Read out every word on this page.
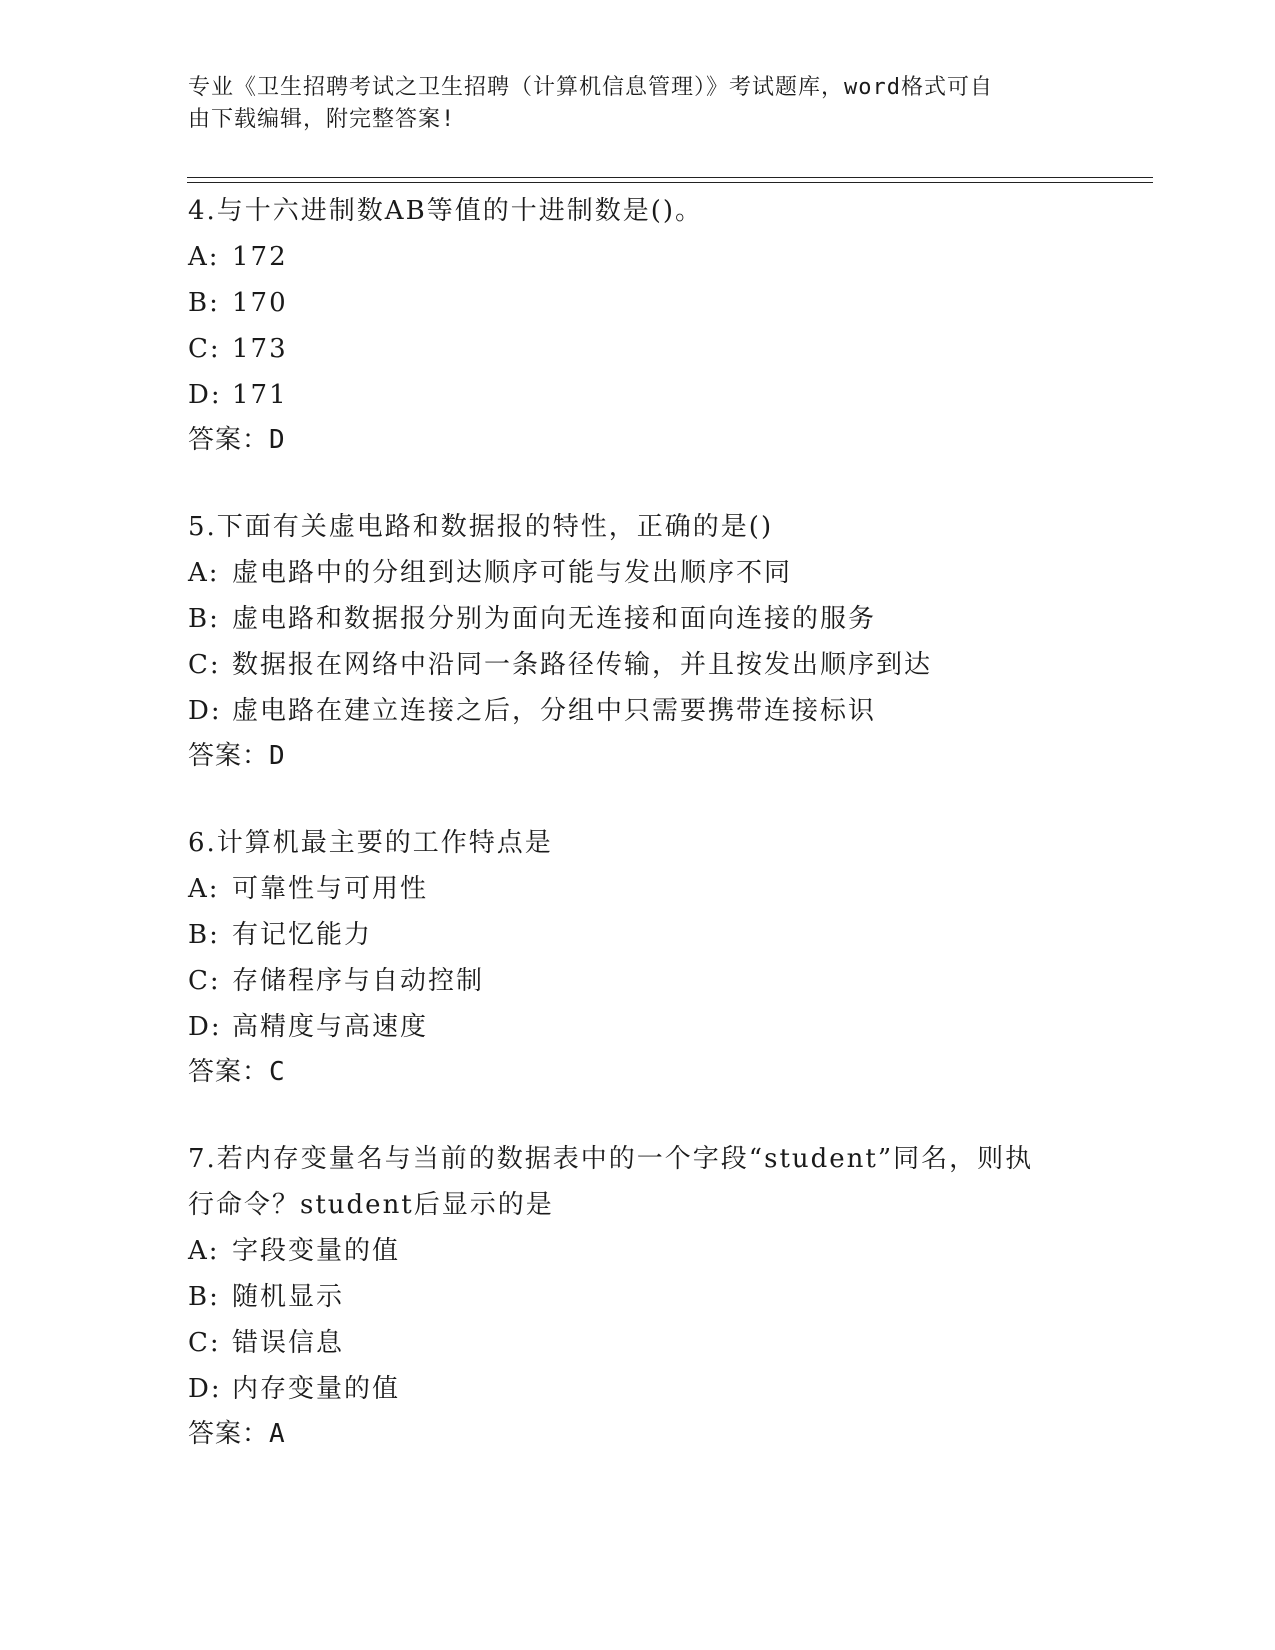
专业《卫生招聘考试之卫生招聘（计算机信息管理）》考试题库，word格式可自
由下载编辑，附完整答案!

4.与十六进制数AB等值的十进制数是()。

A: 172

B: 170

C: 173

D: 171

答案：D

5.下面有关虚电路和数据报的特性，正确的是()

A: 虚电路中的分组到达顺序可能与发出顺序不同

B: 虚电路和数据报分别为面向无连接和面向连接的服务

C: 数据报在网络中沿同一条路径传输，并且按发出顺序到达

D: 虚电路在建立连接之后，分组中只需要携带连接标识

答案：D

6.计算机最主要的工作特点是

A: 可靠性与可用性

B: 有记忆能力

C: 存储程序与自动控制

D: 高精度与高速度

答案：C

7.若内存变量名与当前的数据表中的一个字段“student”同名，则执
行命令？student后显示的是

A: 字段变量的值

B: 随机显示

C: 错误信息

D: 内存变量的值

答案：A
